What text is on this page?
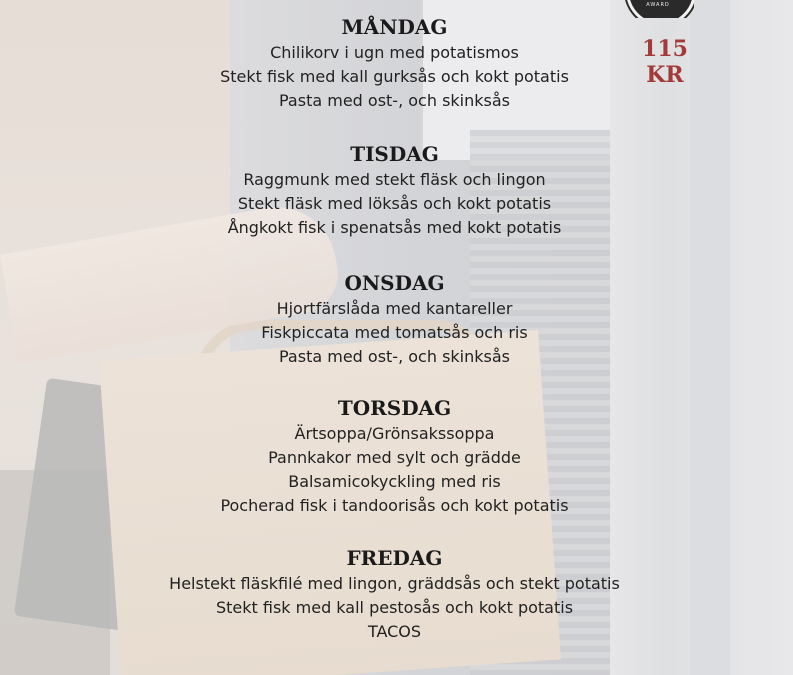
AWARD
115 KR
MÅNDAG
Chilikorv i ugn med potatismos
Stekt fisk med kall gurksås och kokt potatis
Pasta med ost-, och skinksås
TISDAG
Raggmunk med stekt fläsk och lingon
Stekt fläsk med löksås och kokt potatis
Ångkokt fisk i spenatsås med kokt potatis
ONSDAG
Hjortfärslåda med kantareller
Fiskpiccata med tomatsås och ris
Pasta med ost-, och skinksås
TORSDAG
Ärtsoppa/Grönsakssoppa
Pannkakor med sylt och grädde
Balsamicokyckling med ris
Pocherad fisk i tandoorisås och kokt potatis
FREDAG
Helstekt fläskfilé med lingon, gräddsås och stekt potatis
Stekt fisk med kall pestosås och kokt potatis
TACOS
